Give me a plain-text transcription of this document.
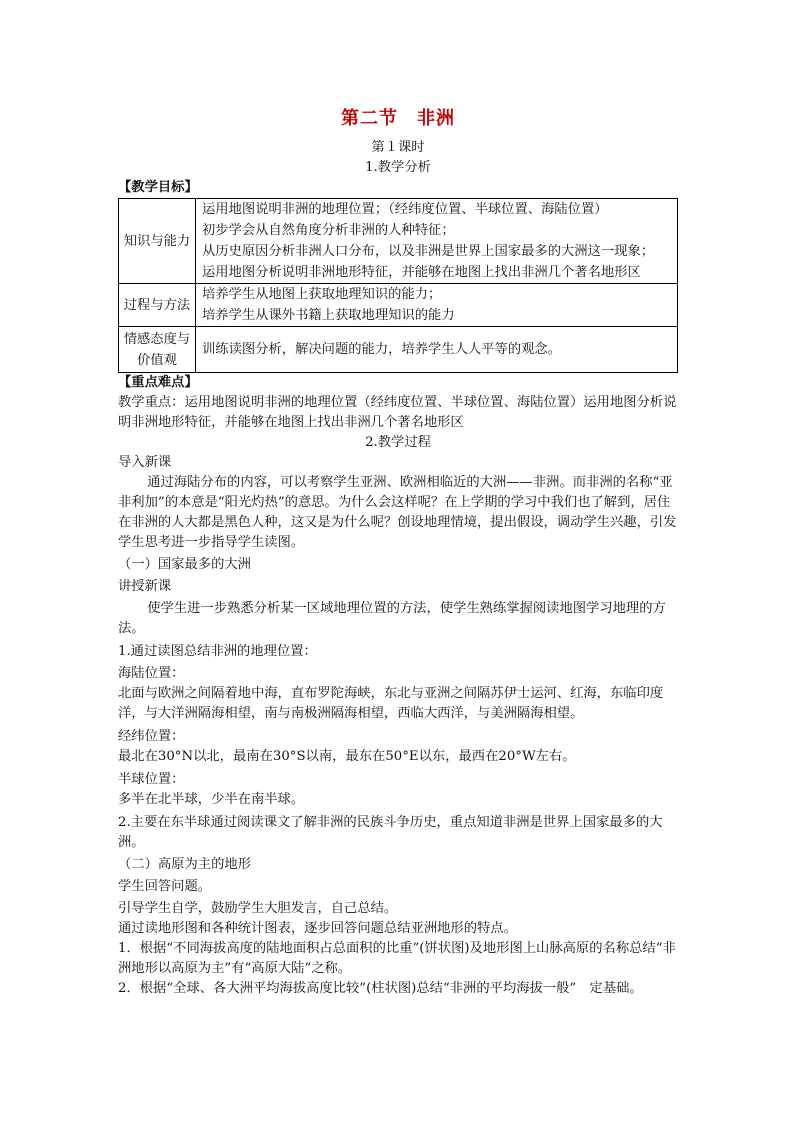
第二节　非洲
第１课时
1.教学分析
【教学目标】
知识与能力	运用地图说明非洲的地理位置；（经纬度位置、半球位置、海陆位置）
初步学会从自然角度分析非洲的人种特征；
从历史原因分析非洲人口分布，以及非洲是世界上国家最多的大洲这一现象；
运用地图分析说明非洲地形特征，并能够在地图上找出非洲几个著名地形区

过程与方法	培养学生从地图上获取地理知识的能力；
培养学生从课外书籍上获取地理知识的能力

情感态度与价值观	训练读图分析，解决问题的能力，培养学生人人平等的观念。
【重点难点】

教学重点：运用地图说明非洲的地理位置（经纬度位置、半球位置、海陆位置）运用地图分析说明非洲地形特征，并能够在地图上找出非洲几个著名地形区

2.教学过程
导入新课

通过海陆分布的内容，可以考察学生亚洲、欧洲相临近的大洲——非洲。而非洲的名称“亚非利加”的本意是“阳光灼热”的意思。为什么会这样呢？在上学期的学习中我们也了解到，居住在非洲的人大都是黑色人种，这又是为什么呢？创设地理情境，提出假设，调动学生兴趣，引发学生思考进一步指导学生读图。

（一）国家最多的大洲
讲授新课

使学生进一步熟悉分析某一区域地理位置的方法，使学生熟练掌握阅读地图学习地理的方法。

1.通过读图总结非洲的地理位置：
海陆位置：

北面与欧洲之间隔着地中海，直布罗陀海峡，东北与亚洲之间隔苏伊士运河、红海，东临印度洋，与大洋洲隔海相望，南与南极洲隔海相望，西临大西洋，与美洲隔海相望。

经纬位置：

最北在30°N以北，最南在30°S以南，最东在50°E以东，最西在20°W左右。

半球位置：

多半在北半球，少半在南半球。

2.主要在东半球通过阅读课文了解非洲的民族斗争历史，重点知道非洲是世界上国家最多的大洲。

（二）高原为主的地形
学生回答问题。
引导学生自学，鼓励学生大胆发言，自己总结。
通过读地形图和各种统计图表，逐步回答问题总结亚洲地形的特点。

1．根据“不同海拔高度的陆地面积占总面积的比重”(饼状图)及地形图上山脉高原的名称总结“非洲地形以高原为主”有“高原大陆”之称。

2．根据“全球、各大洲平均海拔高度比较”(柱状图)总结“非洲的平均海拔一般”　定基础。
